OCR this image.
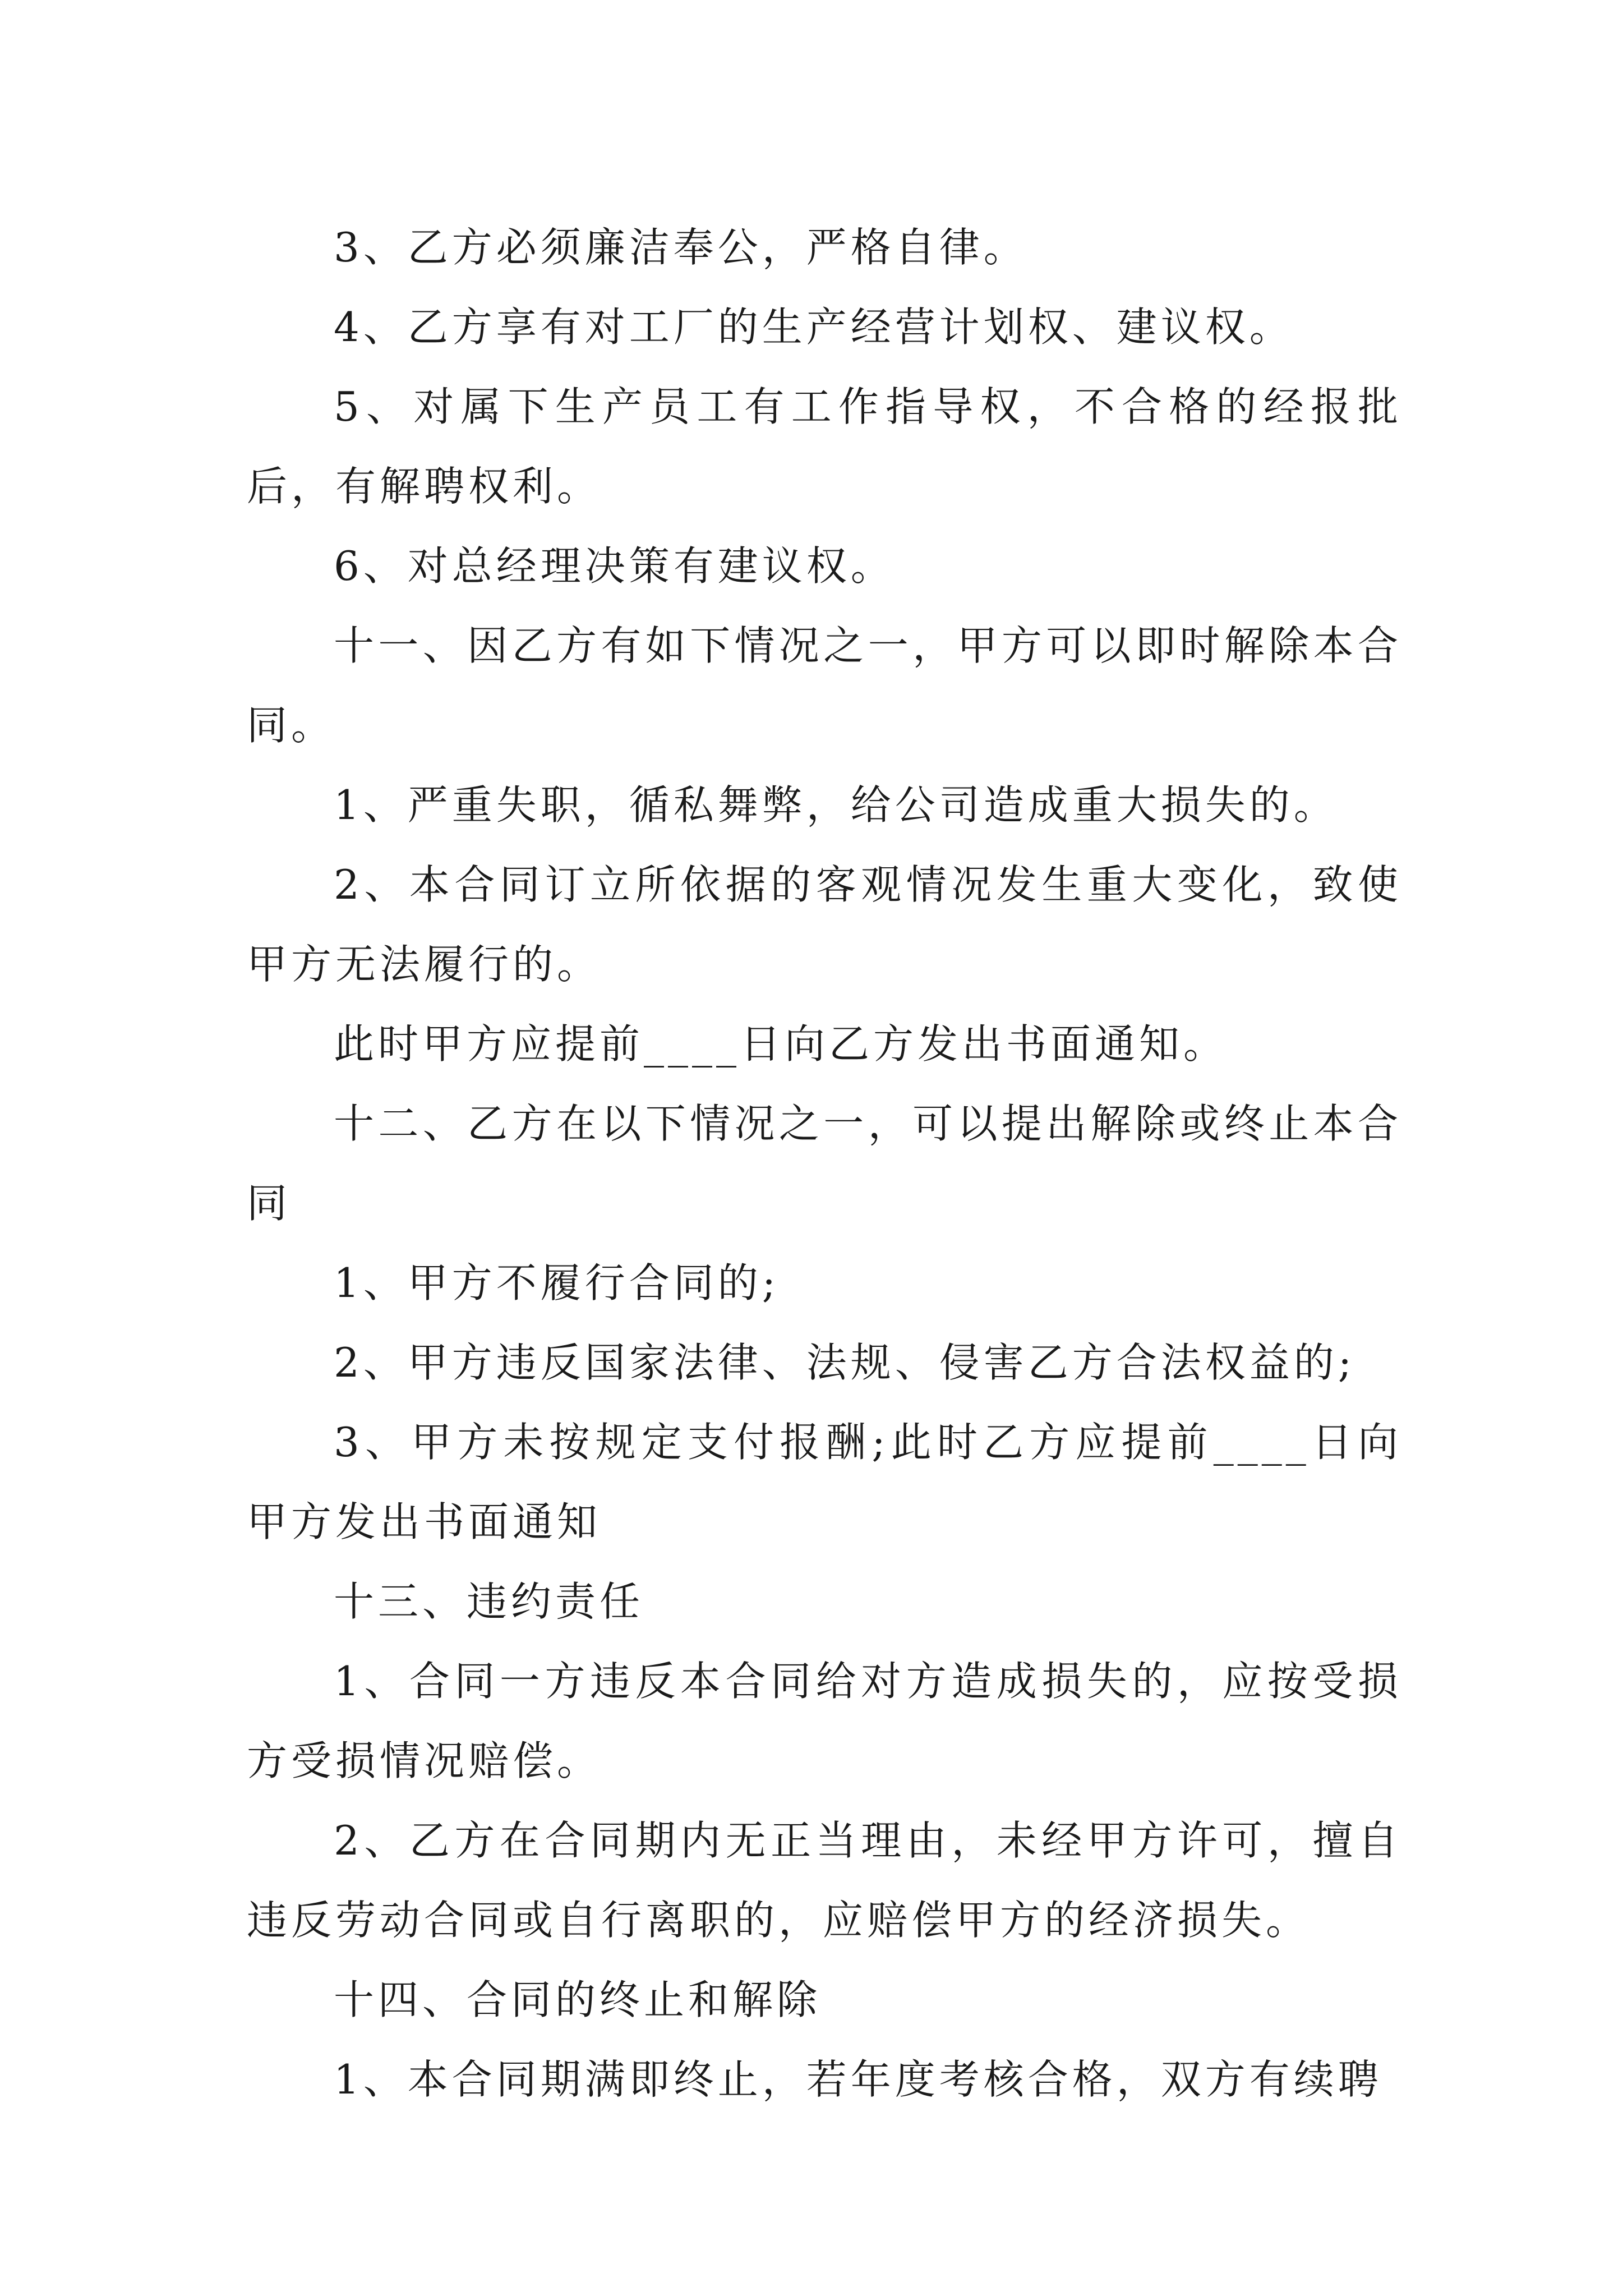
3、乙方必须廉洁奉公，严格自律。

4、乙方享有对工厂的生产经营计划权、建议权。

5、对属下生产员工有工作指导权，不合格的经报批后，有解聘权利。

6、对总经理决策有建议权。

十一、因乙方有如下情况之一，甲方可以即时解除本合同。

1、严重失职，循私舞弊，给公司造成重大损失的。

2、本合同订立所依据的客观情况发生重大变化，致使甲方无法履行的。

此时甲方应提前____日向乙方发出书面通知。

十二、乙方在以下情况之一，可以提出解除或终止本合同

1、甲方不履行合同的;

2、甲方违反国家法律、法规、侵害乙方合法权益的;

3、甲方未按规定支付报酬;此时乙方应提前____日向甲方发出书面通知

十三、违约责任

1、合同一方违反本合同给对方造成损失的，应按受损方受损情况赔偿。

2、乙方在合同期内无正当理由，未经甲方许可，擅自违反劳动合同或自行离职的，应赔偿甲方的经济损失。

十四、合同的终止和解除

1、本合同期满即终止，若年度考核合格，双方有续聘
